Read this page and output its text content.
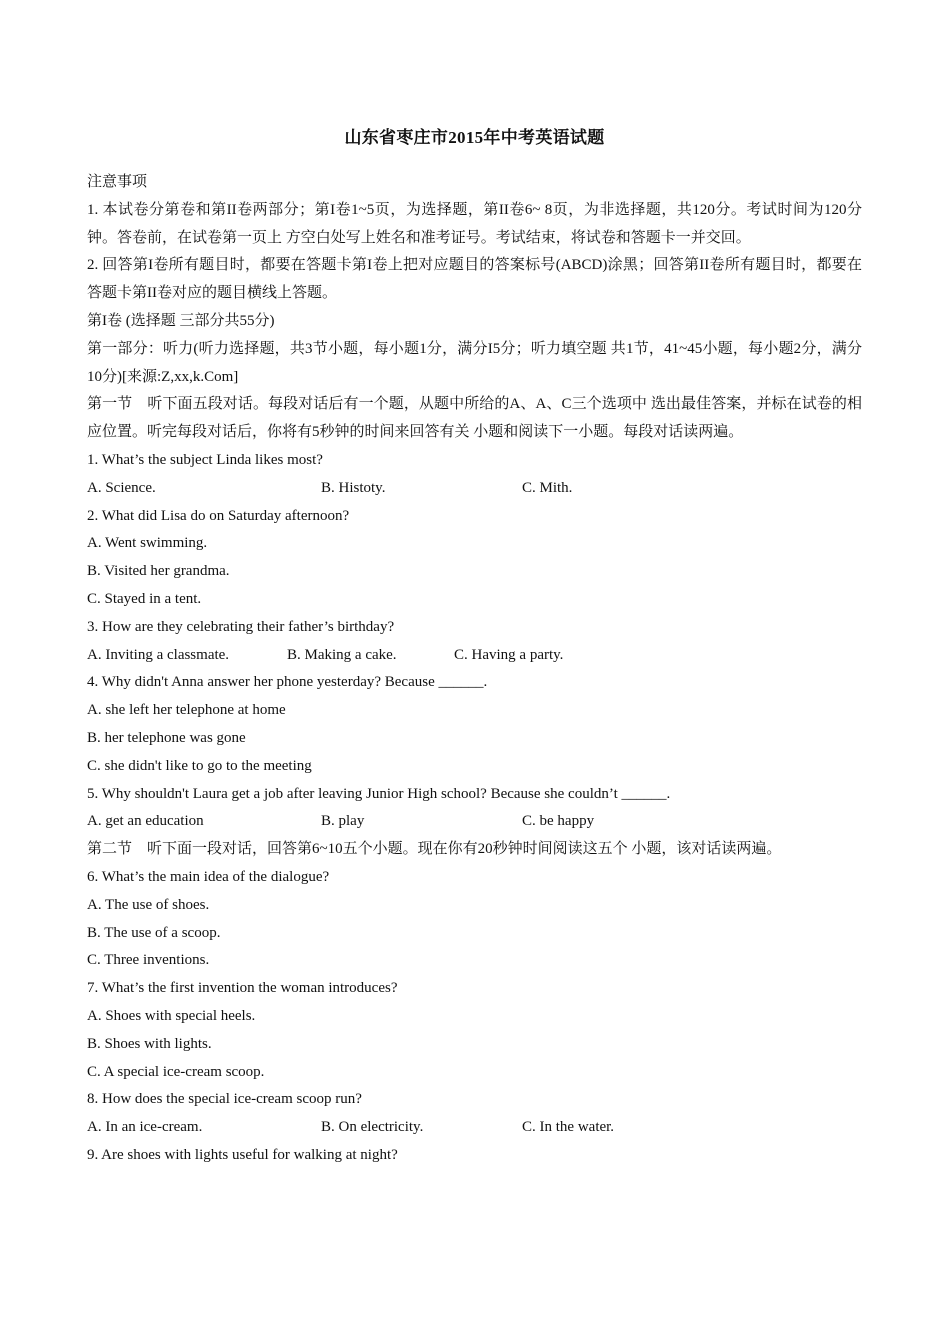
山东省枣庄市2015年中考英语试题
注意事项
1. 本试卷分第卷和第II卷两部分；第I卷1~5页，为选择题，第II卷6~ 8页，为非选择题，共120分。考试时间为120分钟。答卷前，在试卷第一页上 方空白处写上姓名和准考证号。考试结束，将试卷和答题卡一并交回。
2. 回答第I卷所有题目时，都要在答题卡第I卷上把对应题目的答案标号(ABCD)涂黑；回答第II卷所有题目时，都要在答题卡第II卷对应的题目横线上答题。
第I卷 (选择题 三部分共55分)
第一部分：听力(听力选择题，共3节小题，每小题1分，满分I5分；听力填空题 共1节，41~45小题，每小题2分，满分10分)[来源:Z,xx,k.Com]
第一节　听下面五段对话。每段对话后有一个题，从题中所给的A、A、C三个选项中 选出最佳答案，并标在试卷的相应位置。听完每段对话后，你将有5秒钟的时间来回答有关 小题和阅读下一小题。每段对话读两遍。
1. What’s the subject Linda likes most?
A. Science.	B. Histoty.	C. Mith.
2. What did Lisa do on Saturday afternoon?
A. Went swimming.
B. Visited her grandma.
C. Stayed in a tent.
3. How are they celebrating their father’s birthday?
A. Inviting a classmate.	B. Making a cake.	C. Having a party.
4. Why didn't Anna answer her phone yesterday? Because ______.
A. she left her telephone at home
B. her telephone was gone
C. she didn't like to go to the meeting
5. Why shouldn't Laura get a job after leaving Junior High school? Because she couldn’t ______.
A. get an education	B. play	C. be happy
第二节　听下面一段对话，回答第6~10五个小题。现在你有20秒钟时间阅读这五个 小题，该对话读两遍。
6. What’s the main idea of the dialogue?
A. The use of shoes.
B. The use of a scoop.
C. Three inventions.
7. What’s the first invention the woman introduces?
A. Shoes with special heels.
B. Shoes with lights.
C. A special ice-cream scoop.
8. How does the special ice-cream scoop run?
A. In an ice-cream.	B. On electricity.	C. In the water.
9. Are shoes with lights useful for walking at night?
